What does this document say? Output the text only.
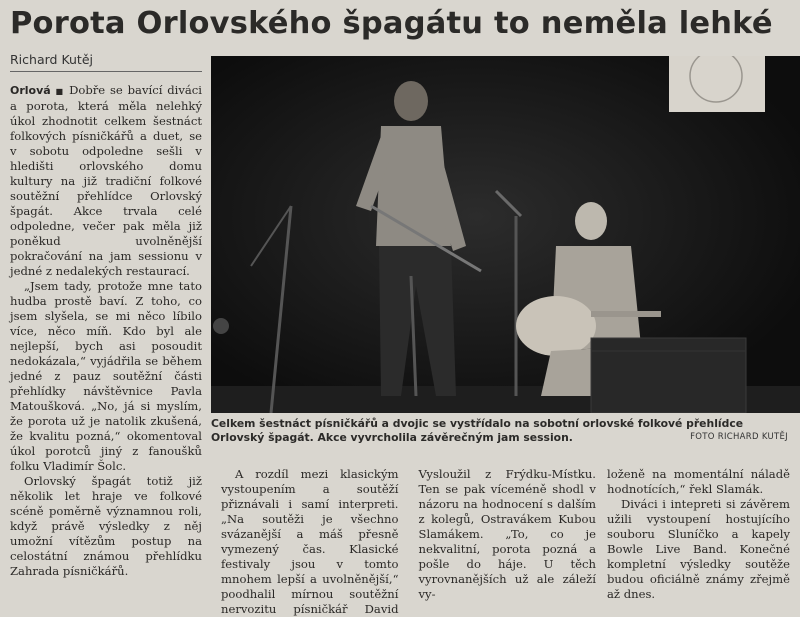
Porota Orlovského špagátu to neměla lehké
Richard Kutěj

Orlová ■ Dobře se bavící diváci a porota, která měla nelehký úkol zhodnotit celkem šestnáct folkových písničkářů a duet, se v sobotu odpoledne sešli v hledišti orlovského domu kultury na již tradiční folkové soutěžní přehlídce Orlovský špagát. Akce trvala celé odpoledne, večer pak měla již poněkud uvolněnější pokračování na jam sessionu v jedné z nedalekých restaurací.

„Jsem tady, protože mne tato hudba prostě baví. Z toho, co jsem slyšela, se mi něco líbilo více, něco míň. Kdo byl ale nejlepší, bych asi posoudit nedokázala,“ vyjádřila se během jedné z pauz soutěžní části přehlídky návštěvnice Pavla Matoušková. „No, já si myslím, že porota už je natolik zkušená, že kvalitu pozná,“ okomentoval úkol porotců jiný z fanoušků folku Vladimír Šolc.

Orlovský špagát totiž již několik let hraje ve folkové scéně poměrně významnou roli, když právě výsledky z něj umožní vítězům postup na celostátní známou přehlídku Zahrada písničkářů.

Celkem šestnáct písničkářů a dvojic se vystřídalo na sobotní orlovské folkové přehlídce Orlovský špagát. Akce vyvrcholila závěrečným jam session.	FOTO RICHARD KUTĚJ

A rozdíl mezi klasickým vystoupením a soutěží přiznávali i samí interpreti. „Na soutěži je všechno svázanější a máš přesně vymezený čas. Klasické festivaly jsou v tomto mnohem lepší a uvolněnější,“ poodhalil mírnou soutěžní nervozitu písničkář David Vysloužil z Frýdku-Místku. Ten se pak víceméně shodl v názoru na hodnocení s dalším z kolegů, Ostravákem Kubou Slamákem. „To, co je nekvalitní, porota pozná a pošle do háje. U těch vyrovnanějších už ale záleží vy-

loženě na momentální náladě hodnotících,“ řekl Slamák.

Diváci i intepreti si závěrem užili vystoupení hostujícího souboru Sluníčko a kapely Bowle Live Band. Konečné kompletní výsledky soutěže budou oficiálně známy zřejmě až dnes.
